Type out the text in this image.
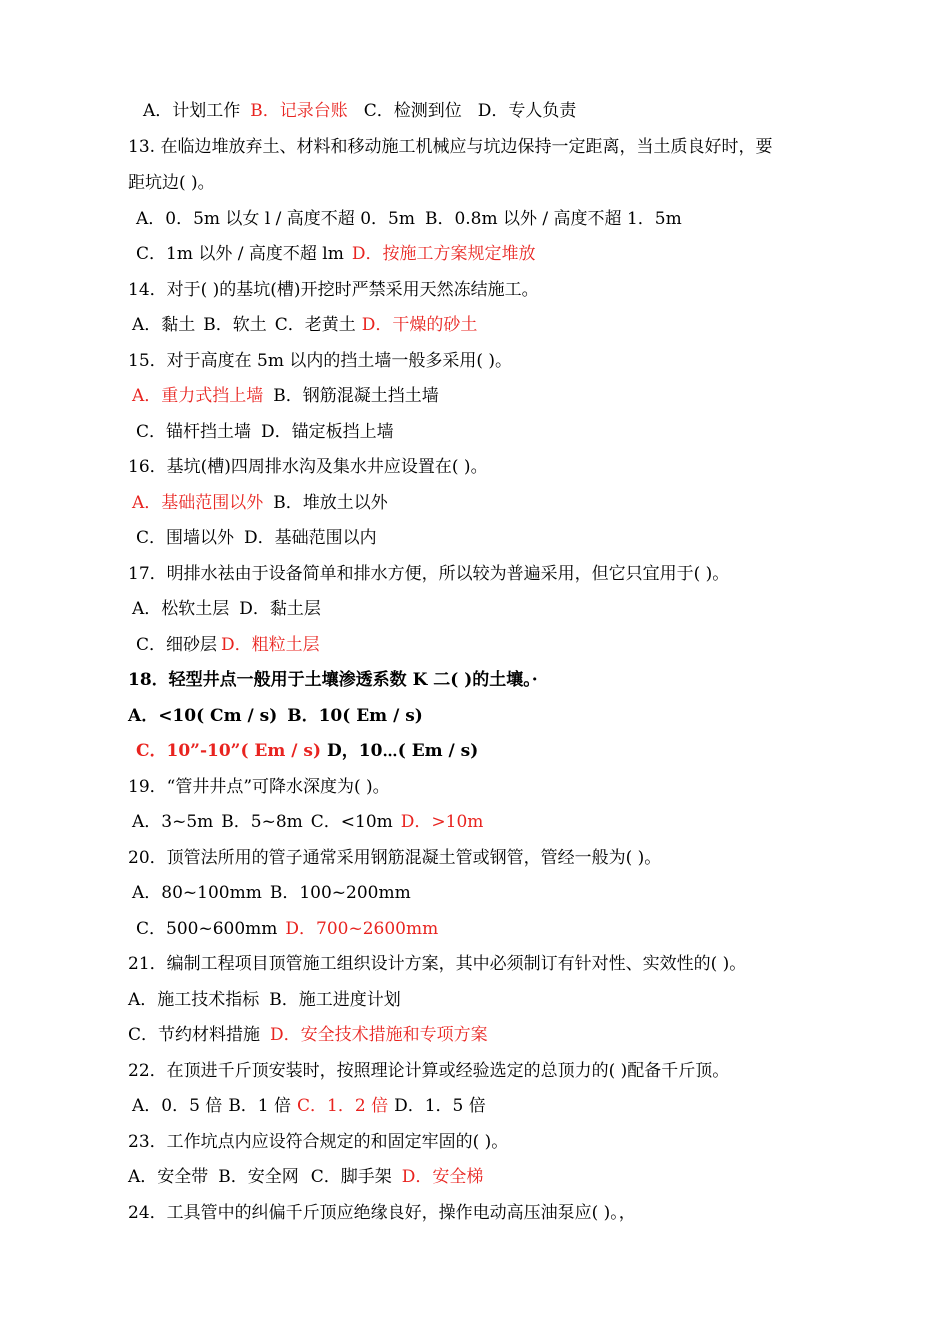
A．计划工作 B．记录台账 C．检测到位 D．专人负责
13. 在临边堆放弃土、材料和移动施工机械应与坑边保持一定距离，当土质良好时，要
距坑边( )。
A．0．5m 以女 l / 高度不超 0．5m B．0.8m 以外 / 高度不超 1．5m
C．1m 以外 / 高度不超 lm D．按施工方案规定堆放
14．对于( )的基坑(槽)开挖时严禁采用天然冻结施工。
A．黏土 B．软土 C．老黄土 D．干燥的砂土
15．对于高度在 5m 以内的挡土墙一般多采用( )。
A．重力式挡上墙 B．钢筋混凝土挡土墙
C．锚杆挡土墙 D．锚定板挡上墙
16．基坑(槽)四周排水沟及集水井应设置在( )。
A．基础范围以外 B．堆放土以外
C．围墙以外 D．基础范围以内
17．明排水祛由于设备简单和排水方便，所以较为普遍采用，但它只宜用于( )。
A．松软土层 D．黏土层
C．细砂层 D．粗粒土层
18．轻型井点一般用于土壤渗透系数 K 二( )的土壤。·
A．<10( Cm / s) B．10( Em / s)
C．10”-10”( Em / s) D，10⋯( Em / s)
19．“管井井点”可降水深度为( )。
A．3~5m B．5~8m C．<10m D．>10m
20．顶管法所用的管子通常采用钢筋混凝土管或钢管，管经一般为( )。
A．80~100mm B．100~200mm
C．500~600mm D．700~2600mm
21．编制工程项目顶管施工组织设计方案，其中必须制订有针对性、实效性的( )。
A．施工技术指标 B．施工进度计划
C．节约材料措施 D．安全技术措施和专项方案
22．在顶进千斤顶安装时，按照理论计算或经验选定的总顶力的( )配备千斤顶。
A．0．5 倍 B．1 倍 C．1．2 倍 D．1．5 倍
23．工作坑点内应设符合规定的和固定牢固的( )。
A．安全带 B．安全网 C．脚手架 D．安全梯
24．工具管中的纠偏千斤顶应绝缘良好，操作电动高压油泵应( )。，
